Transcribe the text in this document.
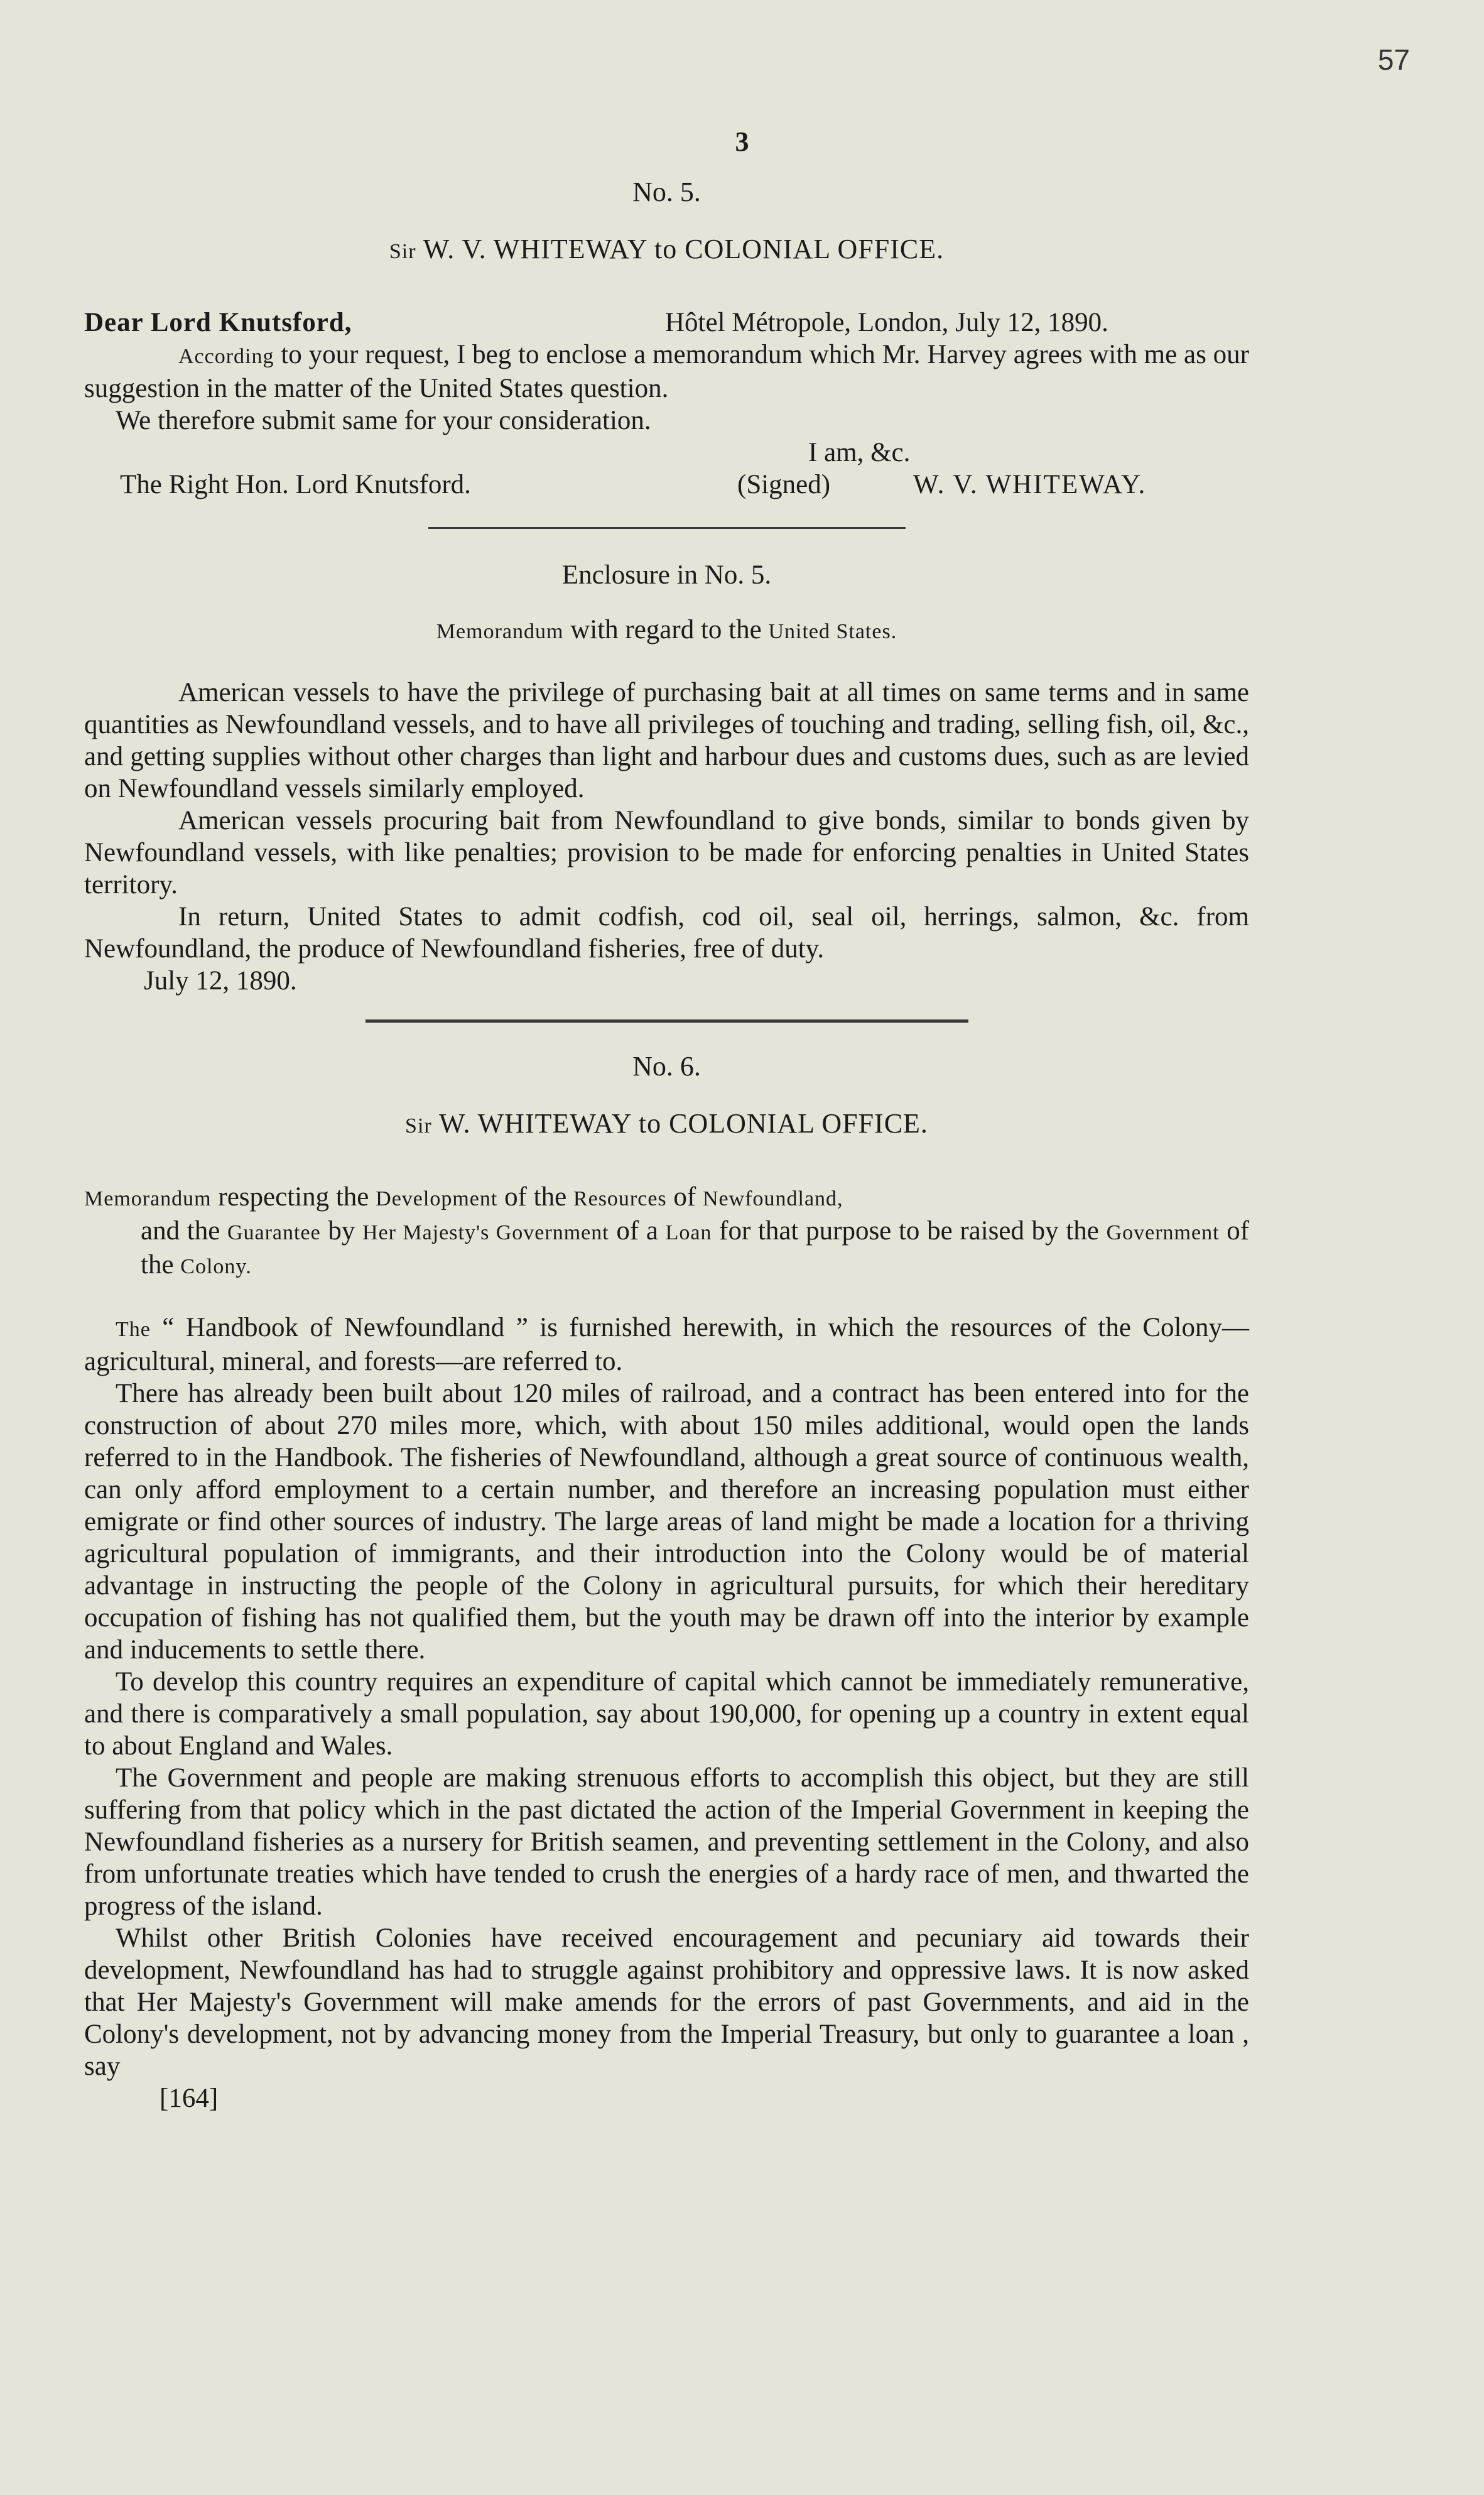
57
3
No. 5.
Sir W. V. WHITEWAY to COLONIAL OFFICE.
Dear Lord Knutsford,	Hôtel Métropole, London, July 12, 1890.

According to your request, I beg to enclose a memorandum which Mr. Harvey agrees with me as our suggestion in the matter of the United States question.

We therefore submit same for your consideration.

I am, &c.
The Right Hon. Lord Knutsford.	(Signed)	W. V. WHITEWAY.
Enclosure in No. 5.
Memorandum with regard to the United States.

American vessels to have the privilege of purchasing bait at all times on same terms and in same quantities as Newfoundland vessels, and to have all privileges of touching and trading, selling fish, oil, &c., and getting supplies without other charges than light and harbour dues and customs dues, such as are levied on Newfoundland vessels similarly employed.

American vessels procuring bait from Newfoundland to give bonds, similar to bonds given by Newfoundland vessels, with like penalties; provision to be made for enforcing penalties in United States territory.

In return, United States to admit codfish, cod oil, seal oil, herrings, salmon, &c. from Newfoundland, the produce of Newfoundland fisheries, free of duty.

July 12, 1890.
No. 6.
Sir W. WHITEWAY to COLONIAL OFFICE.
Memorandum respecting the Development of the Resources of Newfoundland,
and the Guarantee by Her Majesty's Government of a Loan for that purpose to be raised by the Government of the Colony.

The “ Handbook of Newfoundland ” is furnished herewith, in which the resources of the Colony—agricultural, mineral, and forests—are referred to.

There has already been built about 120 miles of railroad, and a contract has been entered into for the construction of about 270 miles more, which, with about 150 miles additional, would open the lands referred to in the Handbook. The fisheries of Newfoundland, although a great source of continuous wealth, can only afford employment to a certain number, and therefore an increasing population must either emigrate or find other sources of industry. The large areas of land might be made a location for a thriving agricultural population of immigrants, and their introduction into the Colony would be of material advantage in instructing the people of the Colony in agricultural pursuits, for which their hereditary occupation of fishing has not qualified them, but the youth may be drawn off into the interior by example and inducements to settle there.

To develop this country requires an expenditure of capital which cannot be immediately remunerative, and there is comparatively a small population, say about 190,000, for opening up a country in extent equal to about England and Wales.

The Government and people are making strenuous efforts to accomplish this object, but they are still suffering from that policy which in the past dictated the action of the Imperial Government in keeping the Newfoundland fisheries as a nursery for British seamen, and preventing settlement in the Colony, and also from unfortunate treaties which have tended to crush the energies of a hardy race of men, and thwarted the progress of the island.

Whilst other British Colonies have received encouragement and pecuniary aid towards their development, Newfoundland has had to struggle against prohibitory and oppressive laws. It is now asked that Her Majesty's Government will make amends for the errors of past Governments, and aid in the Colony's development, not by advancing money from the Imperial Treasury, but only to guarantee a loan , say

[164]
